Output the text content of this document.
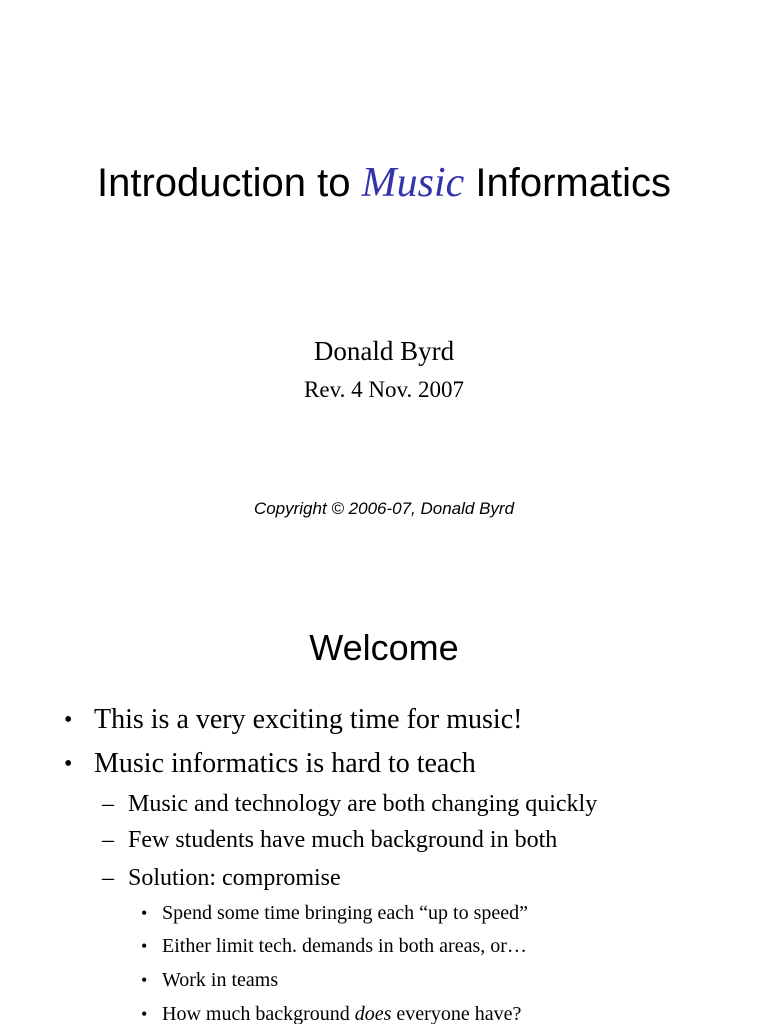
Introduction to Music Informatics
Donald Byrd
Rev. 4 Nov. 2007
Copyright © 2006-07, Donald Byrd
Welcome
• This is a very exciting time for music!
• Music informatics is hard to teach
– Music and technology are both changing quickly
– Few students have much background in both
– Solution: compromise
• Spend some time bringing each “up to speed”
• Either limit tech. demands in both areas, or…
• Work in teams
• How much background does everyone have?
